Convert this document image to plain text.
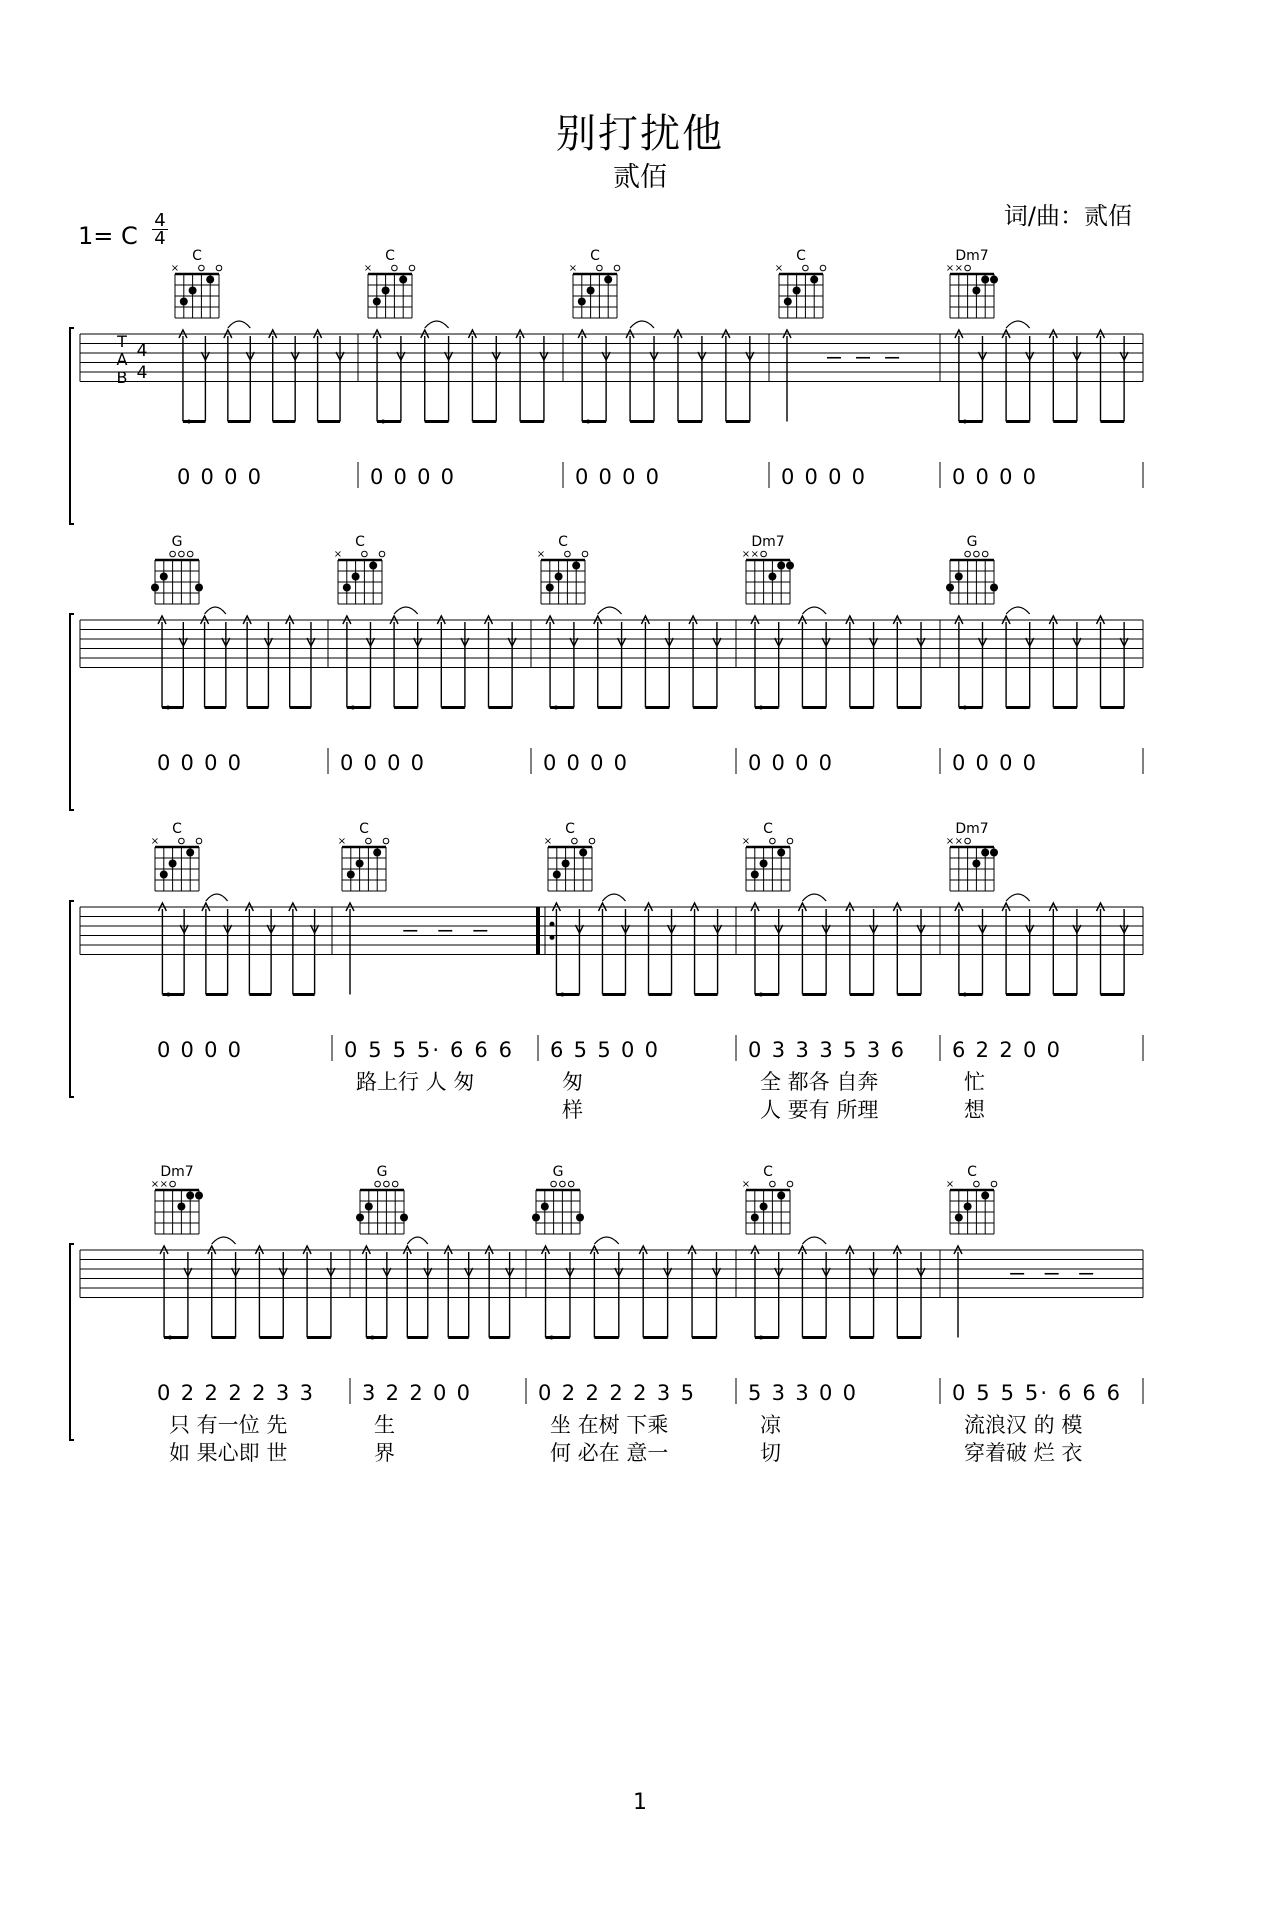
别打扰他
贰佰
词/曲：贰佰
1= C
4
4
T
A
B
4
4
C
×
0 0 0 0
C
×
0 0 0 0
C
×
0 0 0 0
C
×
0 0 0 0
Dm7
× ×
0 0 0 0
G
0 0 0 0
C
×
0 0 0 0
C
×
0 0 0 0
Dm7
× ×
0 0 0 0
G
0 0 0 0
C
×
0 0 0 0
C
×
0 5 5 5· 6 6 6
路上行 人 匆
C
×
6 5 5 0 0
匆
样
C
×
0 3 3 3 5 3 6
全 都各 自奔
人 要有 所理
Dm7
× ×
6 2 2 0 0
忙
想
Dm7
× ×
0 2 2 2 2 3 3
只 有一位 先
如 果心即 世
G
3 2 2 0 0
生
界
G
0 2 2 2 2 3 5
坐 在树 下乘
何 必在 意一
C
×
5 3 3 0 0
凉
切
C
×
0 5 5 5· 6 6 6
流浪汉 的 模
穿着破 烂 衣
1
